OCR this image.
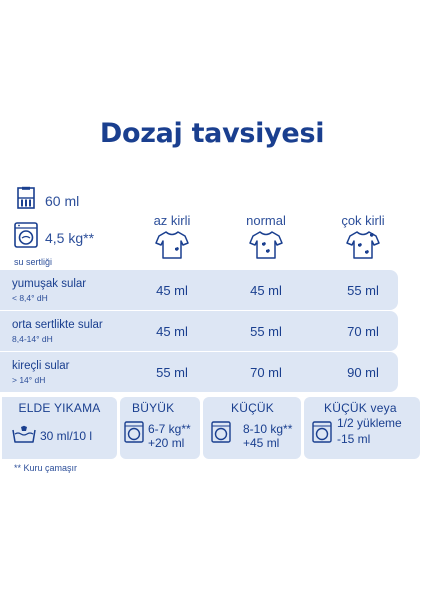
Dozaj tavsiyesi
60 ml
4,5 kg**
su sertliği
az kirli	normal	çok kirli
yumuşak sular
< 8,4° dH	45 ml	45 ml	55 ml
orta sertlikte sular
8,4-14° dH	45 ml	55 ml	70 ml
kireçli sular
> 14° dH	55 ml	70 ml	90 ml
ELDE YIKAMA
30 ml/10 l
BÜYÜK
6-7 kg**
+20 ml
KÜÇÜK
8-10 kg**
+45 ml
KÜÇÜK veya
1/2 yükleme
-15 ml
** Kuru çamaşır
